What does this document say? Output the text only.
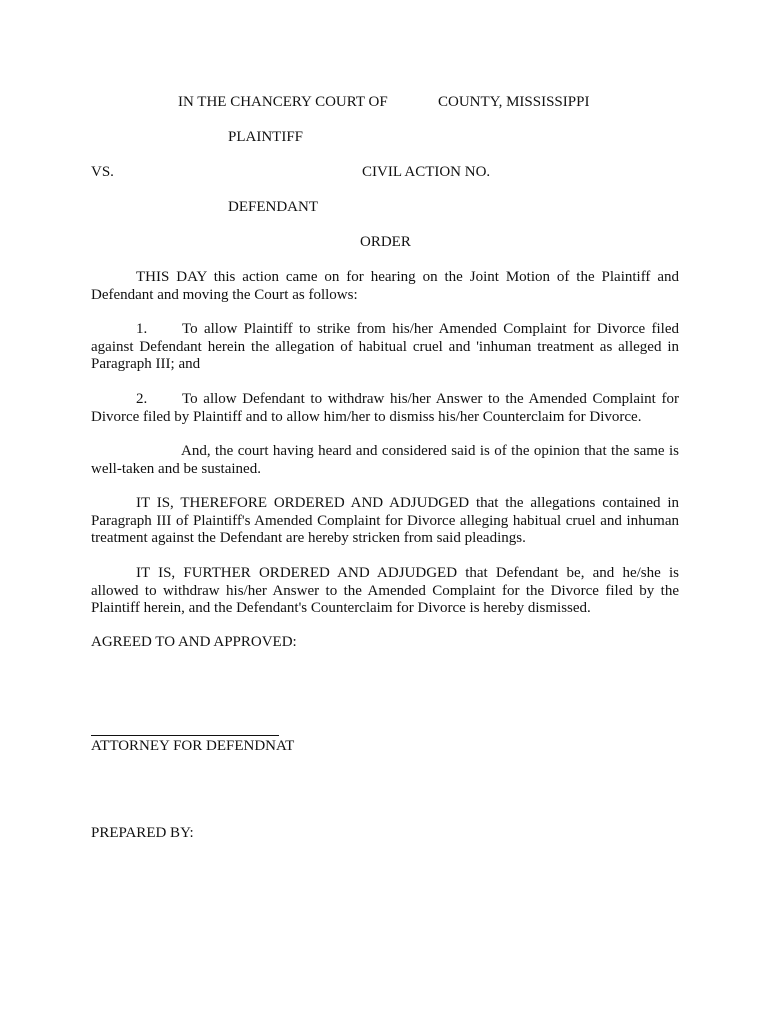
IN THE CHANCERY COURT OF	COUNTY, MISSISSIPPI

PLAINTIFF

VS.	CIVIL ACTION NO.

DEFENDANT

ORDER

THIS DAY this action came on for hearing on the Joint Motion of the Plaintiff and Defendant and moving the Court as follows:

1. To allow Plaintiff to strike from his/her Amended Complaint for Divorce filed against Defendant herein the allegation of habitual cruel and 'inhuman treatment as alleged in Paragraph III; and

2. To allow Defendant to withdraw his/her Answer to the Amended Complaint for Divorce filed by Plaintiff and to allow him/her to dismiss his/her Counterclaim for Divorce.

And, the court having heard and considered said is of the opinion that the same is well-taken and be sustained.

IT IS, THEREFORE ORDERED AND ADJUDGED that the allegations contained in Paragraph III of Plaintiff's Amended Complaint for Divorce alleging habitual cruel and inhuman treatment against the Defendant are hereby stricken from said pleadings.

IT IS, FURTHER ORDERED AND ADJUDGED that Defendant be, and he/she is allowed to withdraw his/her Answer to the Amended Complaint for the Divorce filed by the Plaintiff herein, and the Defendant's Counterclaim for Divorce is hereby dismissed.

AGREED TO AND APPROVED:

ATTORNEY FOR DEFENDNAT

PREPARED BY:
